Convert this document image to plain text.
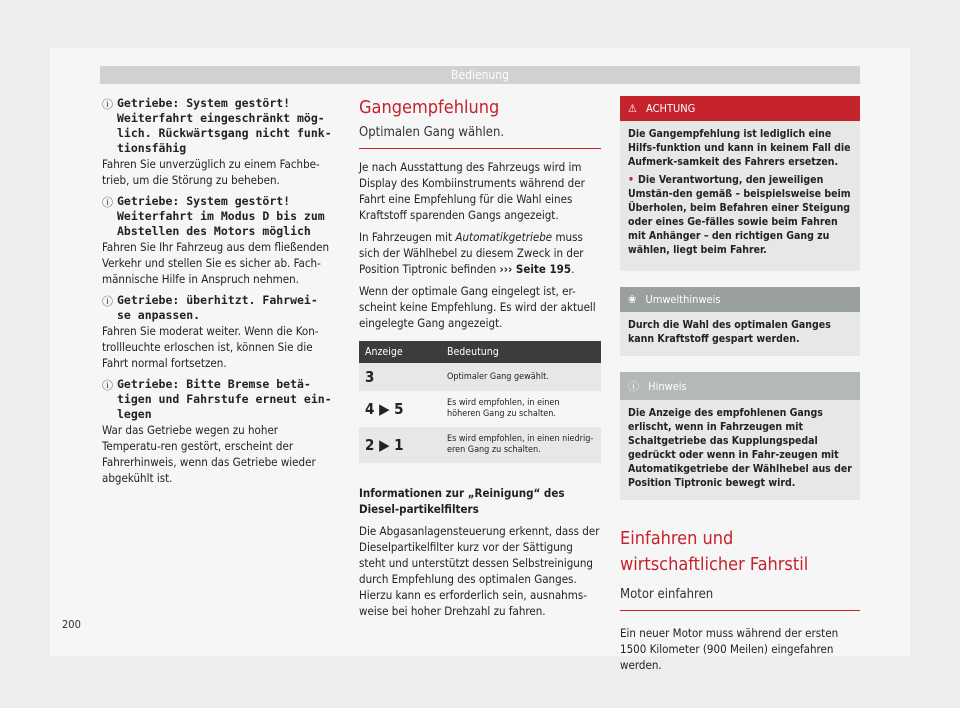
Bedienung
ⓘ Getriebe: System gestört!

Weiterfahrt eingeschränkt mög-

lich. Rückwärtsgang nicht funk-

tionsfähig

Fahren Sie unverzüglich zu einem Fachbe-trieb, um die Störung zu beheben.

ⓘ Getriebe: System gestört!

Weiterfahrt im Modus D bis zum

Abstellen des Motors möglich

Fahren Sie Ihr Fahrzeug aus dem fließenden Verkehr und stellen Sie es sicher ab. Fach-männische Hilfe in Anspruch nehmen.

ⓘ Getriebe: überhitzt. Fahrwei-

se anpassen.

Fahren Sie moderat weiter. Wenn die Kon-trollleuchte erloschen ist, können Sie die Fahrt normal fortsetzen.

ⓘ Getriebe: Bitte Bremse betä-

tigen und Fahrstufe erneut ein-

legen

War das Getriebe wegen zu hoher Temperatu-ren gestört, erscheint der Fahrerhinweis, wenn das Getriebe wieder abgekühlt ist.

Gangempfehlung

Optimalen Gang wählen.

Je nach Ausstattung des Fahrzeugs wird im Display des Kombiinstruments während der Fahrt eine Empfehlung für die Wahl eines Kraftstoff sparenden Gangs angezeigt.

In Fahrzeugen mit Automatikgetriebe muss sich der Wählhebel zu diesem Zweck in der Position Tiptronic befinden ››› Seite 195.

Wenn der optimale Gang eingelegt ist, er-scheint keine Empfehlung. Es wird der aktuell eingelegte Gang angezeigt.

Anzeige	Bedeutung
3	Optimaler Gang gewählt.
4 ▶ 5	Es wird empfohlen, in einen höheren Gang zu schalten.
2 ▶ 1	Es wird empfohlen, in einen niedrig-eren Gang zu schalten.

Informationen zur „Reinigung“ des Diesel-partikelfilters

Die Abgasanlagensteuerung erkennt, dass der Dieselpartikelfilter kurz vor der Sättigung steht und unterstützt dessen Selbstreinigung durch Empfehlung des optimalen Ganges. Hierzu kann es erforderlich sein, ausnahms-weise bei hoher Drehzahl zu fahren.

⚠ ACHTUNG

Die Gangempfehlung ist lediglich eine Hilfs-funktion und kann in keinem Fall die Aufmerk-samkeit des Fahrers ersetzen.

• Die Verantwortung, den jeweiligen Umstän-den gemäß – beispielsweise beim Überholen, beim Befahren einer Steigung oder eines Ge-fälles sowie beim Fahren mit Anhänger – den richtigen Gang zu wählen, liegt beim Fahrer.

❀ Umwelthinweis
Durch die Wahl des optimalen Ganges kann Kraftstoff gespart werden.
ⓘ Hinweis
Die Anzeige des empfohlenen Gangs erlischt, wenn in Fahrzeugen mit Schaltgetriebe das Kupplungspedal gedrückt oder wenn in Fahr-zeugen mit Automatikgetriebe der Wählhebel aus der Position Tiptronic bewegt wird.

Einfahren und wirtschaftlicher Fahrstil

Motor einfahren

Ein neuer Motor muss während der ersten 1500 Kilometer (900 Meilen) eingefahren werden.

200
